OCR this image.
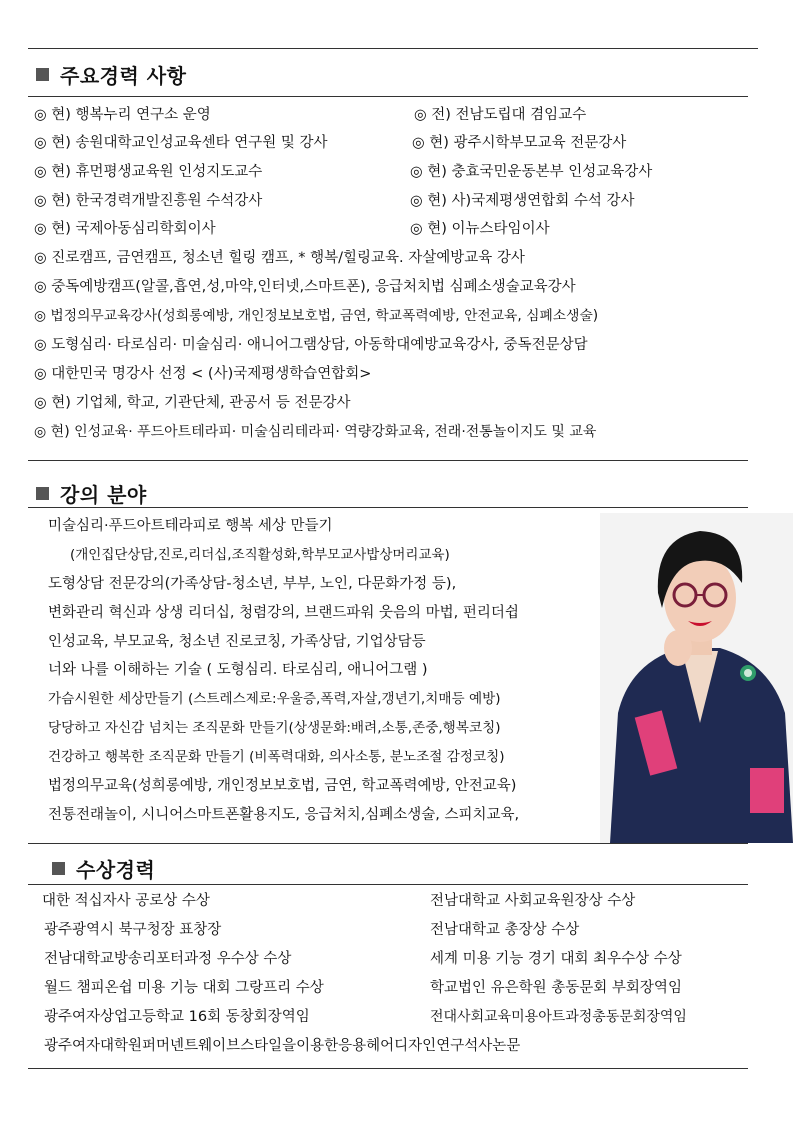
주요경력 사항
◎ 현) 행복누리 연구소 운영	◎ 전) 전남도립대 겸임교수
◎ 현) 송원대학교인성교육센타 연구원 및 강사	◎ 현) 광주시학부모교육 전문강사
◎ 현) 휴먼평생교육원 인성지도교수	◎ 현) 충효국민운동본부 인성교육강사
◎ 현) 한국경력개발진흥원 수석강사	◎ 현) 사)국제평생연합회 수석 강사
◎ 현) 국제아동심리학회이사	◎ 현) 이뉴스타임이사
◎ 진로캠프, 금연캠프, 청소년 힐링 캠프, * 행복/힐링교육. 자살예방교육 강사
◎ 중독예방캠프(알콜,흡연,성,마약,인터넷,스마트폰), 응급처치법 심폐소생술교육강사
◎ 법정의무교육강사(성희롱예방, 개인정보보호법, 금연, 학교폭력예방, 안전교육, 심폐소생술)
◎ 도형심리· 타로심리· 미술심리· 애니어그램상담, 아동학대예방교육강사, 중독전문상담
◎ 대한민국 명강사 선정 < (사)국제평생학습연합회>
◎ 현) 기업체, 학교, 기관단체, 관공서 등 전문강사
◎ 현) 인성교육· 푸드아트테라피· 미술심리테라피· 역량강화교육, 전래·전통놀이지도 및 교육
강의 분야
미술심리·푸드아트테라피로 행복 세상 만들기
(개인집단상담,진로,리더십,조직활성화,학부모교사밥상머리교육)
도형상담 전문강의(가족상담-청소년, 부부, 노인, 다문화가정 등),
변화관리 혁신과 상생 리더십, 청렴강의, 브랜드파워 웃음의 마법, 펀리더쉽
인성교육, 부모교육, 청소년 진로코칭, 가족상담, 기업상담등
너와 나를 이해하는 기술 ( 도형심리. 타로심리, 애니어그램 )
가슴시원한 세상만들기 (스트레스제로:우울증,폭력,자살,갱년기,치매등 예방)
당당하고 자신감 넘치는 조직문화 만들기(상생문화:배려,소통,존중,행복코칭)
건강하고 행복한 조직문화 만들기 (비폭력대화, 의사소통, 분노조절 감정코칭)
법정의무교육(성희롱예방, 개인정보보호법, 금연, 학교폭력예방, 안전교육)
전통전래놀이, 시니어스마트폰활용지도, 응급처치,심폐소생술, 스피치교육,
수상경력
대한 적십자사 공로상 수상	전남대학교 사회교육원장상 수상
광주광역시 북구청장 표창장	전남대학교 총장상 수상
전남대학교방송리포터과정 우수상 수상	세계 미용 기능 경기 대회 최우수상 수상
월드 챔피온쉽 미용 기능 대회 그랑프리 수상	학교법인 유은학원 총동문회 부회장역임
광주여자상업고등학교 16회 동창회장역임	전대사회교육미용아트과정총동문회장역임
광주여자대학원퍼머넨트웨이브스타일을이용한응용헤어디자인연구석사논문
